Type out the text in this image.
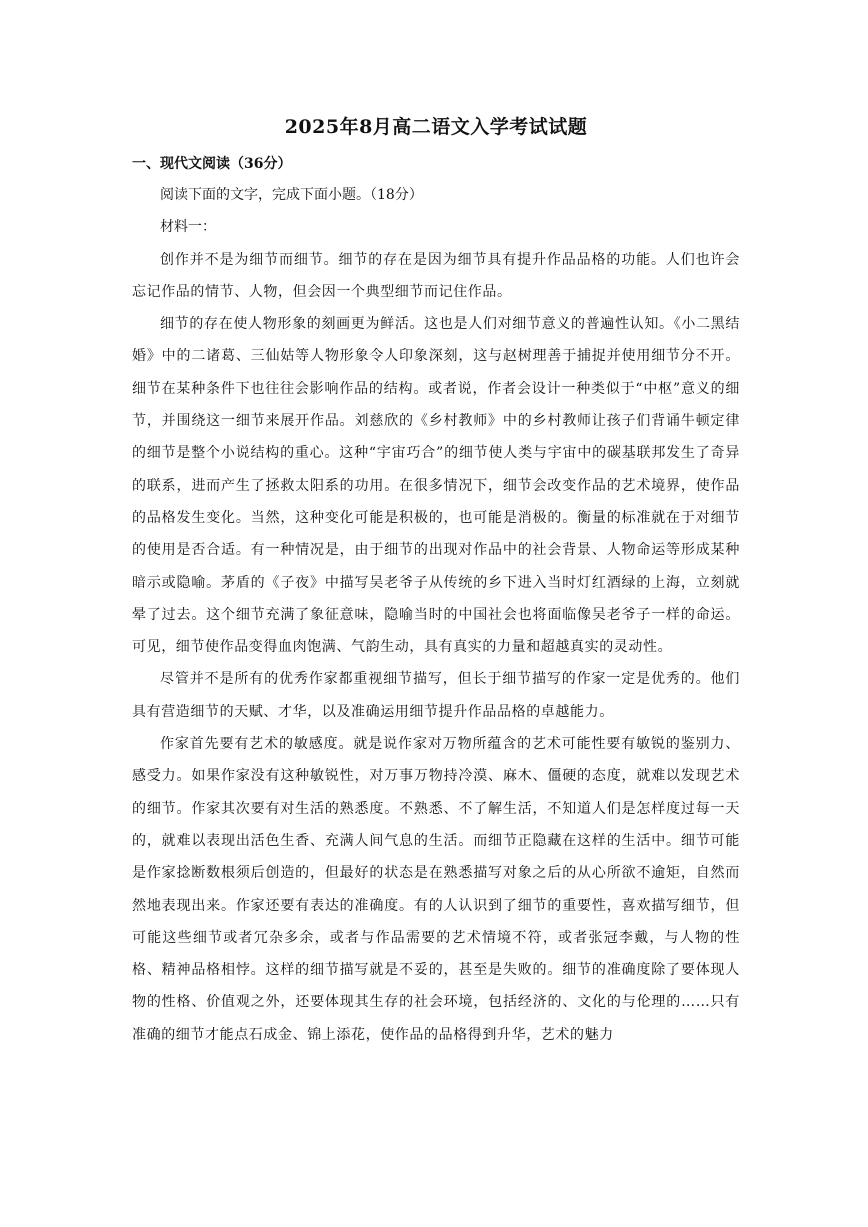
2025年8月高二语文入学考试试题
一、现代文阅读（36分）

阅读下面的文字，完成下面小题。（18分）

材料一：

创作并不是为细节而细节。细节的存在是因为细节具有提升作品品格的功能。人们也许会忘记作品的情节、人物，但会因一个典型细节而记住作品。

细节的存在使人物形象的刻画更为鲜活。这也是人们对细节意义的普遍性认知。《小二黑结婚》中的二诸葛、三仙姑等人物形象令人印象深刻，这与赵树理善于捕捉并使用细节分不开。细节在某种条件下也往往会影响作品的结构。或者说，作者会设计一种类似于“中枢”意义的细节，并围绕这一细节来展开作品。刘慈欣的《乡村教师》中的乡村教师让孩子们背诵牛顿定律的细节是整个小说结构的重心。这种“宇宙巧合”的细节使人类与宇宙中的碳基联邦发生了奇异的联系，进而产生了拯救太阳系的功用。在很多情况下，细节会改变作品的艺术境界，使作品的品格发生变化。当然，这种变化可能是积极的，也可能是消极的。衡量的标准就在于对细节的使用是否合适。有一种情况是，由于细节的出现对作品中的社会背景、人物命运等形成某种暗示或隐喻。茅盾的《子夜》中描写吴老爷子从传统的乡下进入当时灯红酒绿的上海，立刻就晕了过去。这个细节充满了象征意味，隐喻当时的中国社会也将面临像吴老爷子一样的命运。可见，细节使作品变得血肉饱满、气韵生动，具有真实的力量和超越真实的灵动性。

尽管并不是所有的优秀作家都重视细节描写，但长于细节描写的作家一定是优秀的。他们具有营造细节的天赋、才华，以及准确运用细节提升作品品格的卓越能力。

作家首先要有艺术的敏感度。就是说作家对万物所蕴含的艺术可能性要有敏锐的鉴别力、感受力。如果作家没有这种敏锐性，对万事万物持冷漠、麻木、僵硬的态度，就难以发现艺术的细节。作家其次要有对生活的熟悉度。不熟悉、不了解生活，不知道人们是怎样度过每一天的，就难以表现出活色生香、充满人间气息的生活。而细节正隐藏在这样的生活中。细节可能是作家捻断数根须后创造的，但最好的状态是在熟悉描写对象之后的从心所欲不逾矩，自然而然地表现出来。作家还要有表达的准确度。有的人认识到了细节的重要性，喜欢描写细节，但可能这些细节或者冗杂多余，或者与作品需要的艺术情境不符，或者张冠李戴，与人物的性格、精神品格相悖。这样的细节描写就是不妥的，甚至是失败的。细节的准确度除了要体现人物的性格、价值观之外，还要体现其生存的社会环境，包括经济的、文化的与伦理的……只有准确的细节才能点石成金、锦上添花，使作品的品格得到升华，艺术的魅力
